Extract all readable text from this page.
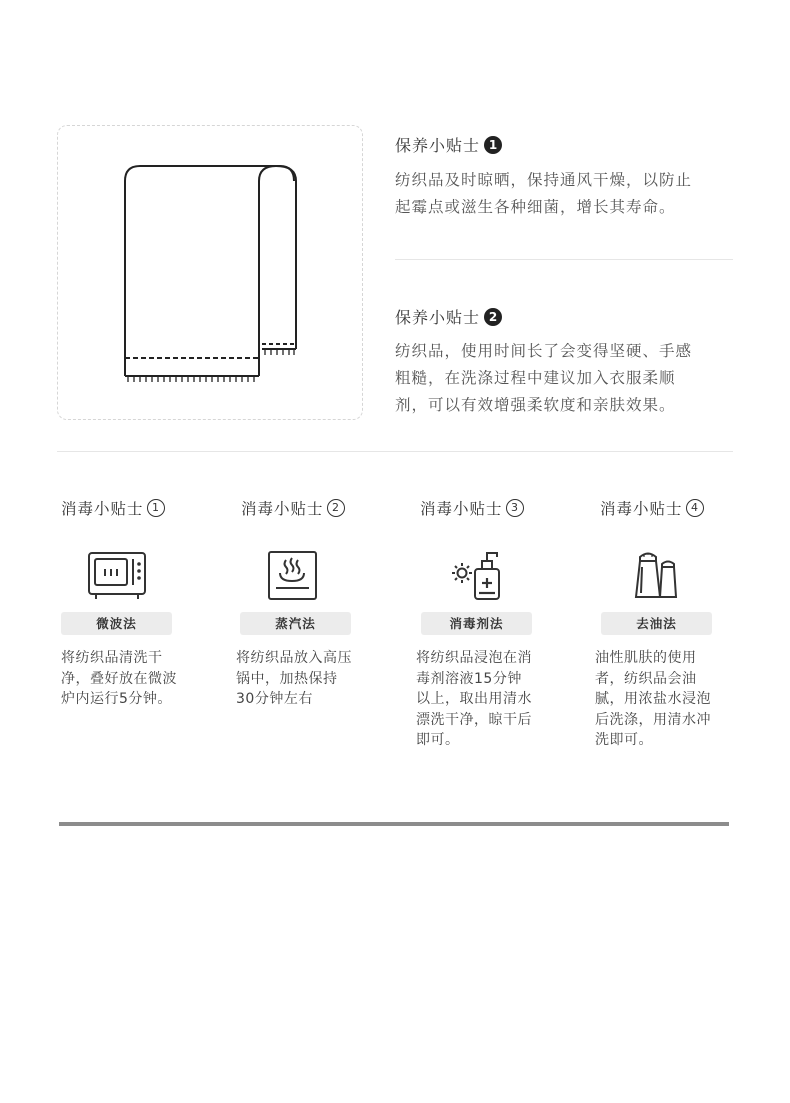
保养小贴士 1
纺织品及时晾晒，保持通风干燥，以防止
起霉点或滋生各种细菌，增长其寿命。
保养小贴士 2
纺织品，使用时间长了会变得坚硬、手感
粗糙，在洗涤过程中建议加入衣服柔顺
剂，可以有效增强柔软度和亲肤效果。
消毒小贴士 1
微波法
将纺织品清洗干
净，叠好放在微波
炉内运行5分钟。
消毒小贴士 2
蒸汽法
将纺织品放入高压
锅中，加热保持
30分钟左右
消毒小贴士 3
消毒剂法
将纺织品浸泡在消
毒剂溶液15分钟
以上，取出用清水
漂洗干净，晾干后
即可。
消毒小贴士 4
去油法
油性肌肤的使用
者，纺织品会油
腻，用浓盐水浸泡
后洗涤，用清水冲
洗即可。
